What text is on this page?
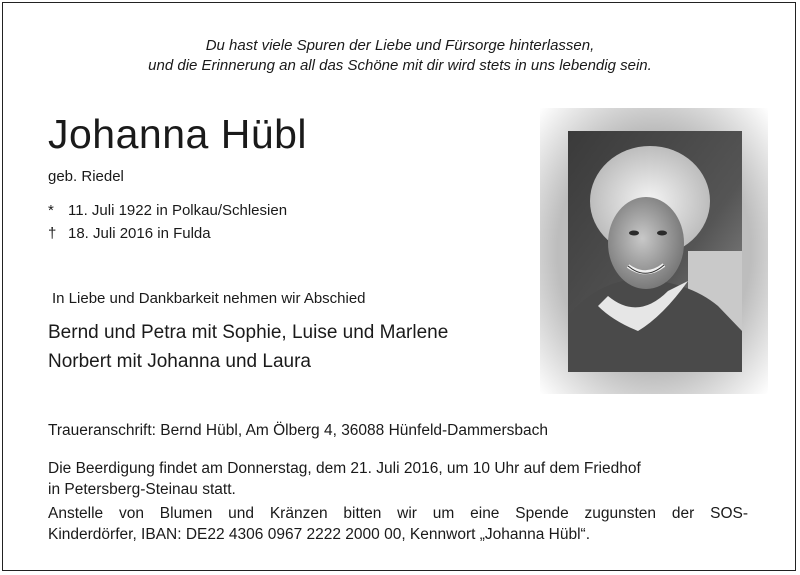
Du hast viele Spuren der Liebe und Fürsorge hinterlassen,
und die Erinnerung an all das Schöne mit dir wird stets in uns lebendig sein.
Johanna Hübl
geb. Riedel
* 11. Juli 1922 in Polkau/Schlesien
† 18. Juli 2016 in Fulda
In Liebe und Dankbarkeit nehmen wir Abschied
Bernd und Petra mit Sophie, Luise und Marlene
Norbert mit Johanna und Laura
Traueranschrift: Bernd Hübl, Am Ölberg 4, 36088 Hünfeld-Dammersbach
Die Beerdigung findet am Donnerstag, dem 21. Juli 2016, um 10 Uhr auf dem Friedhof
in Petersberg-Steinau statt.
Anstelle von Blumen und Kränzen bitten wir um eine Spende zugunsten der SOS-
Kinderdörfer, IBAN: DE22 4306 0967 2222 2000 00, Kennwort „Johanna Hübl“.
